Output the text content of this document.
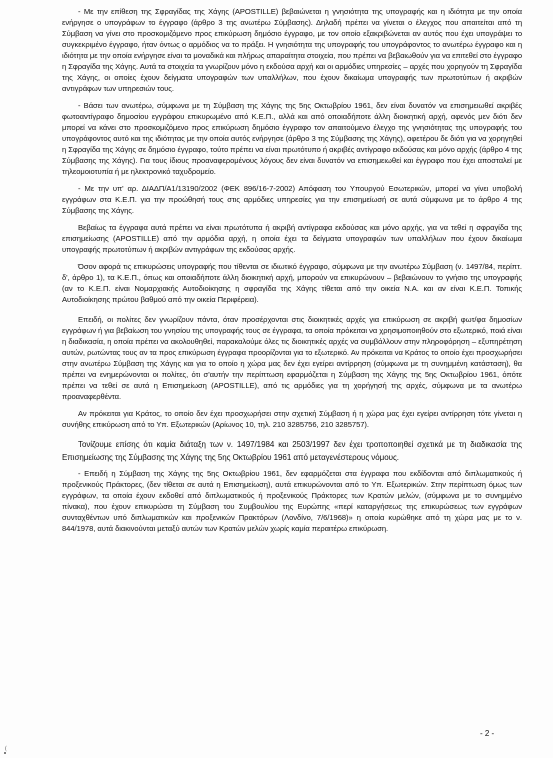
- Με την επίθεση της Σφραγίδας της Χάγης (APOSTILLE) βεβαιώνεται η γνησιότητα της υπογραφής και η ιδιότητα με την οποία ενήργησε ο υπογράφων το έγγραφο (άρθρο 3 της ανωτέρω Σύμβασης). Δηλαδή πρέπει να γίνεται ο έλεγχος που απαιτείται από τη Σύμβαση να γίνει στο προσκομιζόμενο προς επικύρωση δημόσιο έγγραφο, με τον οποίο εξακριβώνεται αν αυτός που έχει υπογράψει το συγκεκριμένο έγγραφο, ήταν όντως ο αρμόδιος να το πράξει. Η γνησιότητα της υπογραφής του υπογράφοντος το ανωτέρω έγγραφο και η ιδιότητα με την οποία ενήργησε είναι τα μοναδικά και πλήρως απαραίτητα στοιχεία, που πρέπει να βεβαιωθούν για να επιτεθεί στο έγγραφο η Σφραγίδα της Χάγης. Αυτά τα στοιχεία τα γνωρίζουν μόνο η εκδούσα αρχή και οι αρμόδιες υπηρεσίες – αρχές που χορηγούν τη Σφραγίδα της Χάγης, οι οποίες έχουν δείγματα υπογραφών των υπαλλήλων, που έχουν δικαίωμα υπογραφής των πρωτοτύπων ή ακριβών αντιγράφων των υπηρεσιών τους.

- Βάσει των ανωτέρω, σύμφωνα με τη Σύμβαση της Χάγης της 5ης Οκτωβρίου 1961, δεν είναι δυνατόν να επισημειωθεί ακριβές φωτοαντίγραφο δημοσίου εγγράφου επικυρωμένο από Κ.Ε.Π., αλλά και από οποιαδήποτε άλλη διοικητική αρχή, αφενός μεν διότι δεν μπορεί να κάνει στο προσκομιζόμενο προς επικύρωση δημόσιο έγγραφο τον απαιτούμενο έλεγχο της γνησιότητας της υπογραφής του υπογράφοντος αυτό και της ιδιότητας με την οποία αυτός ενήργησε (άρθρο 3 της Σύμβασης της Χάγης), αφετέρου δε διότι για να χορηγηθεί η Σφραγίδα της Χάγης σε δημόσιο έγγραφο, τούτο πρέπει να είναι πρωτότυπο ή ακριβές αντίγραφο εκδούσας και μόνο αρχής (άρθρο 4 της Σύμβασης της Χάγης). Για τους ίδιους προαναφερομένους λόγους δεν είναι δυνατόν να επισημειωθεί και έγγραφο που έχει αποσταλεί με τηλεομοιοτυπία ή με ηλεκτρονικό ταχυδρομείο.

- Με την υπ' αρ. ΔΙΑΔΠ/Α1/13190/2002 (ΦΕΚ 896/16-7-2002) Απόφαση του Υπουργού Εσωτερικών, μπορεί να γίνει υποβολή εγγράφων στα Κ.Ε.Π. για την προώθησή τους στις αρμόδιες υπηρεσίες για την επισημείωσή σε αυτά σύμφωνα με το άρθρο 4 της Σύμβασης της Χάγης.

Βεβαίως τα έγγραφα αυτά πρέπει να είναι πρωτότυπα ή ακριβή αντίγραφα εκδούσας και μόνο αρχής, για να τεθεί η σφραγίδα της επισημείωσης (APOSTILLE) από την αρμόδια αρχή, η οποία έχει τα δείγματα υπογραφών των υπαλλήλων που έχουν δικαίωμα υπογραφής πρωτοτύπων ή ακριβών αντιγράφων της εκδούσας αρχής.

Όσον αφορά τις επικυρώσεις υπογραφής που τίθενται σε ιδιωτικό έγγραφο, σύμφωνα με την ανωτέρω Σύμβαση (ν. 1497/84, περίπτ. δ', άρθρο 1), τα Κ.Ε.Π., όπως και οποιαδήποτε άλλη διοικητική αρχή, μπορούν να επικυρώνουν – βεβαιώνουν το γνήσιο της υπογραφής (αν το Κ.Ε.Π. είναι Νομαρχιακής Αυτοδιοίκησης η σφραγίδα της Χάγης τίθεται από την οικεία Ν.Α. και αν είναι Κ.Ε.Π. Τοπικής Αυτοδιοίκησης πρώτου βαθμού από την οικεία Περιφέρεια).

Επειδή, οι πολίτες δεν γνωρίζουν πάντα, όταν προσέρχονται στις διοικητικές αρχές για επικύρωση σε ακριβή φωτ/φα δημοσίων εγγράφων ή για βεβαίωση του γνησίου της υπογραφής τους σε έγγραφα, τα οποία πρόκειται να χρησιμοποιηθούν στο εξωτερικό, ποιά είναι η διαδικασία, η οποία πρέπει να ακολουθηθεί, παρακαλούμε όλες τις διοικητικές αρχές να συμβάλλουν στην πληροφόρηση – εξυπηρέτηση αυτών, ρωτώντας τους αν τα προς επικύρωση έγγραφα προορίζονται για το εξωτερικό. Αν πρόκειται να Κράτος το οποίο έχει προσχωρήσει στην ανωτέρω Σύμβαση της Χάγης και για το οποίο η χώρα μας δεν έχει εγείρει αντίρρηση (σύμφωνα με τη συνημμένη κατάσταση), θα πρέπει να ενημερώνονται οι πολίτες, ότι σ'αυτήν την περίπτωση εφαρμόζεται η Σύμβαση της Χάγης της 5ης Οκτωβρίου 1961, όπότε πρέπει να τεθεί σε αυτά η Επισημείωση (APOSTILLE), από τις αρμόδιες για τη χορήγησή της αρχές, σύμφωνα με τα ανωτέρω προαναφερθέντα.

Αν πρόκειται για Κράτος, το οποίο δεν έχει προσχωρήσει στην σχετική Σύμβαση ή η χώρα μας έχει εγείρει αντίρρηση τότε γίνεται η συνήθης επικύρωση από το Υπ. Εξωτερικών (Αρίωνος 10, τηλ. 210 3285756, 210 3285757).

Τονίζουμε επίσης ότι καμία διάταξη των ν. 1497/1984 και 2503/1997 δεν έχει τροποποιηθεί σχετικά με τη διαδικασία της Επισημείωσης της Σύμβασης της Χάγης της 5ης Οκτωβρίου 1961 από μεταγενέστερους νόμους.

- Επειδή η Σύμβαση της Χάγης της 5ης Οκτωβρίου 1961, δεν εφαρμόζεται στα έγγραφα που εκδίδονται από διπλωματικούς ή προξενικούς Πράκτορες, (δεν τίθεται σε αυτά η Επισημείωση), αυτά επικυρώνονται από το Υπ. Εξωτερικών. Στην περίπτωση όμως των εγγράφων, τα οποία έχουν εκδοθεί από διπλωματικούς ή προξενικούς Πράκτορες των Κρατών μελών, (σύμφωνα με το συνημμένο πίνακα), που έχουν επικυρώσει τη Σύμβαση του Συμβουλίου της Ευρώπης «περί καταργήσεως της επικυρώσεως των εγγράφων συνταχθέντων υπό διπλωματικών και προξενικών Πρακτόρων (Λονδίνο, 7/6/1968)» η οποία κυρώθηκε από τη χώρα μας με το ν. 844/1978, αυτά διακινούνται μεταξύ αυτών των Κρατών μελών χωρίς καμία περαιτέρω επικύρωση.

- 2 -
(
